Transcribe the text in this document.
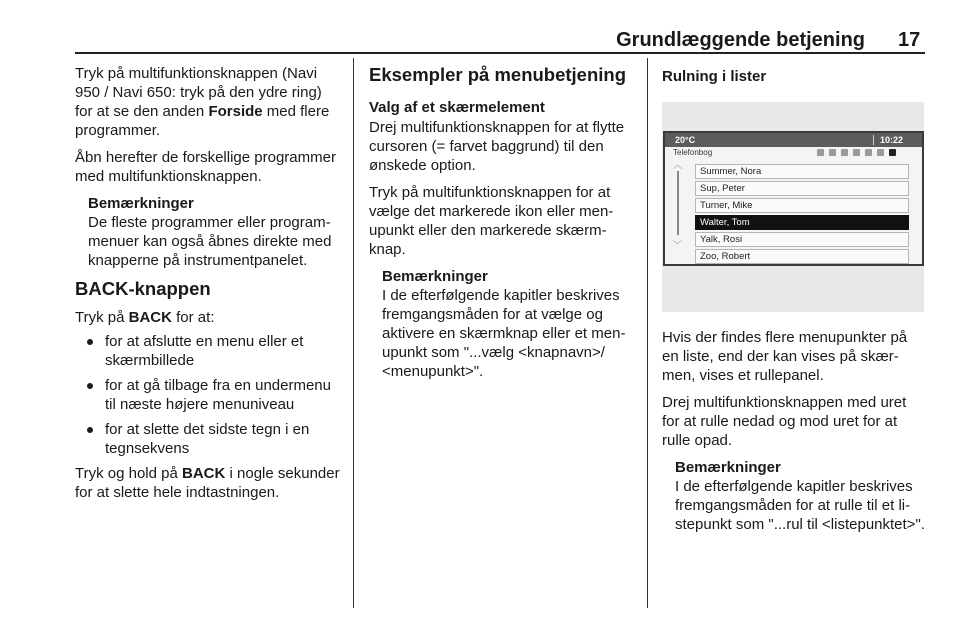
Grundlæggende betjening 17

Tryk på multifunktionsknappen (Navi 950 / Navi 650: tryk på den ydre ring) for at se den anden Forside med flere programmer.

Åbn herefter de forskellige programmer med multifunktionsknappen.

Bemærkninger
De fleste programmer eller programmenuer kan også åbnes direkte med knapperne på instrumentpanelet.
BACK-knappen

Tryk på BACK for at:

for at afslutte en menu eller et skærmbillede
for at gå tilbage fra en undermenu til næste højere menuniveau
for at slette det sidste tegn i en tegnsekvens

Tryk og hold på BACK i nogle sekunder for at slette hele indtastningen.

Eksempler på menubetjening
Valg af et skærmelement

Drej multifunktionsknappen for at flytte cursoren (= farvet baggrund) til den ønskede option.

Tryk på multifunktionsknappen for at vælge det markerede ikon eller menupunkt eller den markerede skærmknap.

Bemærkninger
I de efterfølgende kapitler beskrives fremgangsmåden for at vælge og aktivere en skærmknap eller et menupunkt som "...vælg <knapnavn>/ <menupunkt>".
Rulning i lister
20°C	10:22
Telefonbog
︿
﹀
Summer, Nora
Sup, Peter
Turner, Mike
Walter, Tom
Yalk, Rosi
Zoo, Robert

Hvis der findes flere menupunkter på en liste, end der kan vises på skærmen, vises et rullepanel.

Drej multifunktionsknappen med uret for at rulle nedad og mod uret for at rulle opad.

Bemærkninger
I de efterfølgende kapitler beskrives fremgangsmåden for at rulle til et listepunkt som "...rul til <listepunktet>".
